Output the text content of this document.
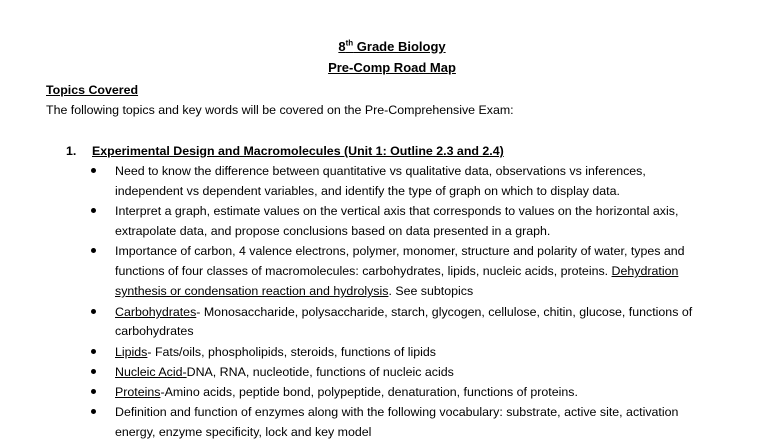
8th Grade Biology
Pre-Comp Road Map
Topics Covered
The following topics and key words will be covered on the Pre-Comprehensive Exam:
1. Experimental Design and Macromolecules (Unit 1: Outline 2.3 and 2.4)
Need to know the difference between quantitative vs qualitative data, observations vs inferences,
independent vs dependent variables, and identify the type of graph on which to display data.
Interpret a graph, estimate values on the vertical axis that corresponds to values on the horizontal axis,
extrapolate data, and propose conclusions based on data presented in a graph.
Importance of carbon, 4 valence electrons, polymer, monomer, structure and polarity of water, types and
functions of four classes of macromolecules: carbohydrates, lipids, nucleic acids, proteins. Dehydration
synthesis or condensation reaction and hydrolysis. See subtopics
Carbohydrates- Monosaccharide, polysaccharide, starch, glycogen, cellulose, chitin, glucose, functions of
carbohydrates
Lipids- Fats/oils, phospholipids, steroids, functions of lipids
Nucleic Acid-DNA, RNA, nucleotide, functions of nucleic acids
Proteins-Amino acids, peptide bond, polypeptide, denaturation, functions of proteins.
Definition and function of enzymes along with the following vocabulary: substrate, active site, activation
energy, enzyme specificity, lock and key model
